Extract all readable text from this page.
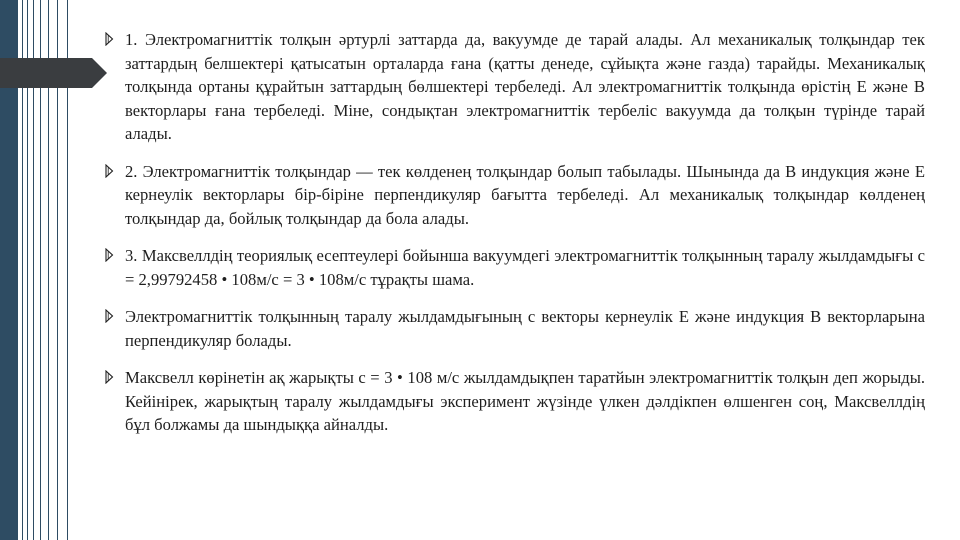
1. Электромагниттік толқын әртурлі заттарда да, вакуумде де тарай алады. Ал механикалық толқындар тек заттардың белшектері қатысатын орталарда ғана (қатты денеде, сұйықта және газда) тарайды. Механикалық толқында ортаны құрайтын заттардың бөлшектері тербеледі. Ал электромагниттік толқында өрістің Е және В векторлары ғана тербеледі. Міне, сондықтан электромагниттік тербеліс вакуумда да толқын түрінде тарай алады.
2. Электромагниттік толқындар — тек көлденең толқындар болып табылады. Шынында да В индукция және Е кернеулік векторлары бір-біріне перпендикуляр бағытта тербеледі. Ал механикалық толқындар көлденең толқындар да, бойлық толқындар да бола алады.
3. Максвеллдің теориялық есептеулері бойынша вакуумдегі электромагниттік толқынның таралу жылдамдығы с = 2,99792458 • 108м/с = 3 • 108м/с тұрақты шама.
Электромагниттік толқынның таралу жылдамдығының с векторы кернеулік Е және индукция В векторларына перпендикуляр болады.
Максвелл көрінетін ақ жарықты с = 3 • 108 м/с жылдамдықпен таратйын электромагниттік толқын деп жорыды. Кейінірек, жарықтың таралу жылдамдығы эксперимент жүзінде үлкен дәлдікпен өлшенген соң, Максвеллдің бұл болжамы да шындыққа айналды.
